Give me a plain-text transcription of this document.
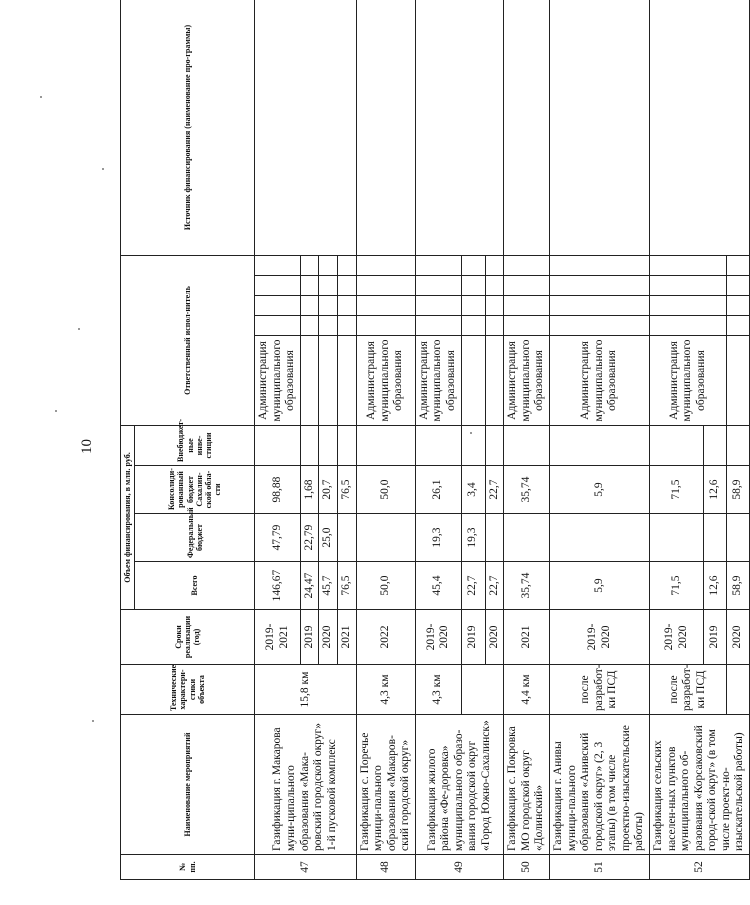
10
№ пп.	Наименование мероприятий	Технические характери-стики объекта	Сроки реализации (год)	Объем финансирования, в млн. руб.				Ответственный испол-нитель					Источник финансирования (наименование про-граммы)
				Всего	Федеральный бюджет	Консолиди-рованный бюджет Сахалин-ской обла-сти	Внебюджет-ные инве-стиции						
47	Газификация г. Макарова муни-ципального образования «Мака-ровский городской округ» 1-й пусковой комплекс	15,8 км	2019-2021	146,67	47,79	98,88		Администрация муниципального образования					
			2019	24,47	22,79	1,68							
			2020	45,7	25,0	20,7							
			2021	76,5		76,5							
48	Газификация с. Поречье муници-пального образования «Макаров-ский городской округ»	4,3 км	2022	50,0		50,0		Администрация муниципального образования					
49	Газификация жилого района «Фе-доровка» муниципального образо-вания городской округ «Город Южно-Сахалинск»	4,3 км	2019-2020	45,4	19,3	26,1		Администрация муниципального образования					
			2019	22,7	19,3	3,4							
			2020	22,7		22,7							
50	Газификация с. Покровка МО городской округ «Долинский»	4,4 км	2021	35,74		35,74		Администрация муниципального образования					
51	Газификация г. Анивы муници-пального образования «Анивский городской округ» (2, 3 этапы) (в том числе проектно-изыскательские работы)	после разработ-ки ПСД	2019-2020	5,9		5,9		Администрация муниципального образования					
52	Газификация сельских населен-ных пунктов муниципального об-разования «Корсаковский город-ской округ» (в том числе проект-но-изыскательской работы)	после разработ-ки ПСД	2019-2020	71,5		71,5		Администрация муниципального образования					
			2019	12,6		12,6							
			2020	58,9		58,9							
